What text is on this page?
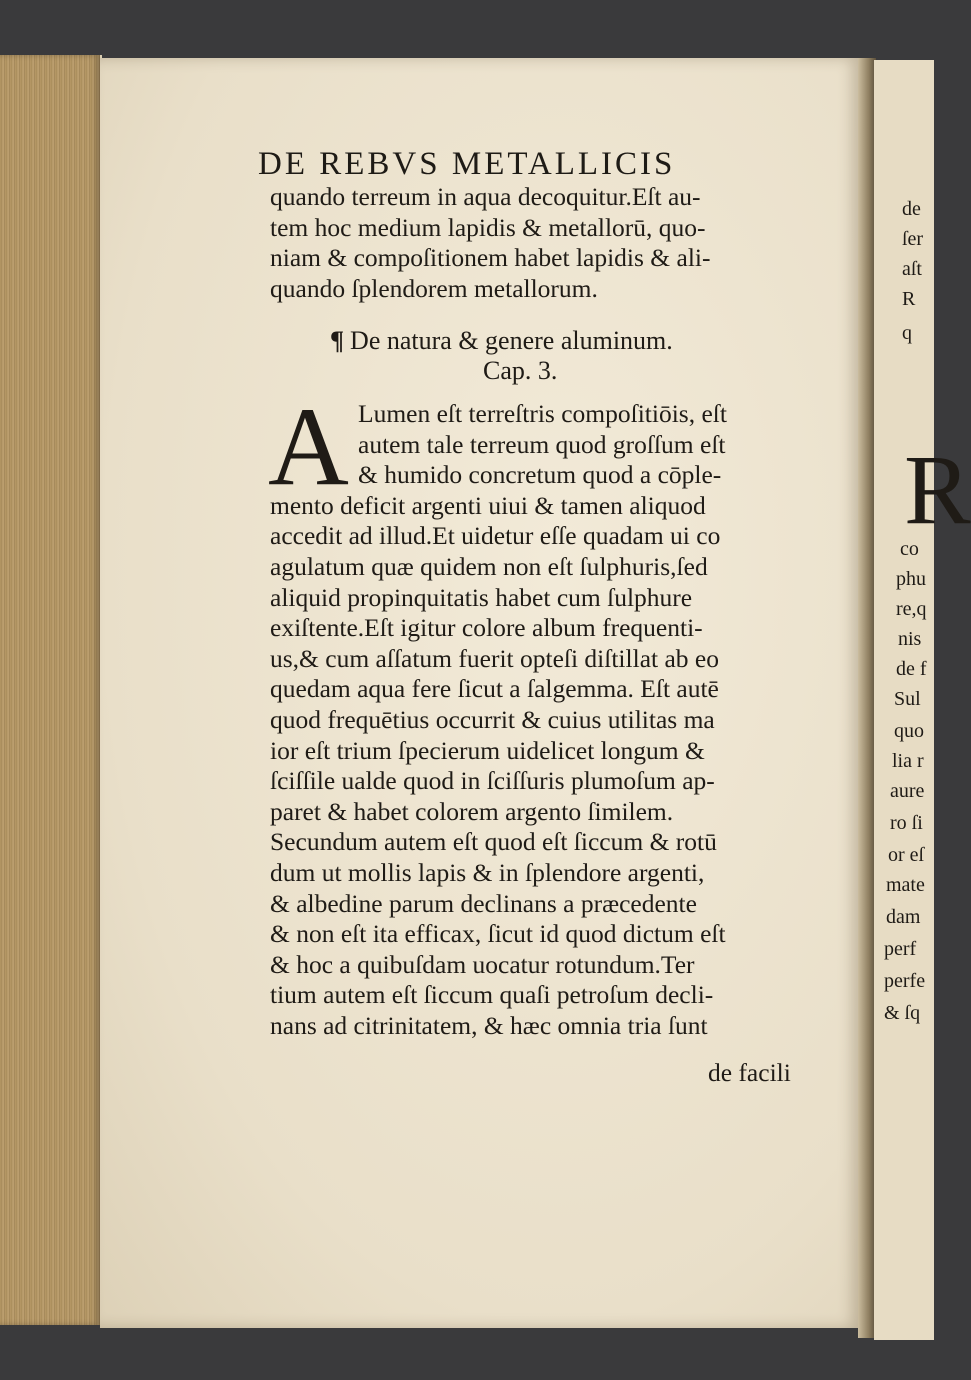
de
ſer
aſt
R
q
R
co
phu
re,q
nis
de f
Sul
quo
lia r
aure
ro ſi
or eſ
mate
dam
perf
perfe
& ſq
DE REBVS METALLICIS
quando terreum in aqua decoquitur.Eſt au-
tem hoc medium lapidis & metallorū, quo-
niam & compoſitionem habet lapidis & ali-
quando ſplendorem metallorum.
¶ De natura & genere aluminum.
Cap. 3.
A Lumen eſt terreſtris compoſitiōis, eſt
autem tale terreum quod groſſum eſt
& humido concretum quod a cōple-
mento deficit argenti uiui & tamen aliquod
accedit ad illud.Et uidetur eſſe quadam ui co
agulatum quæ quidem non eſt ſulphuris,ſed
aliquid propinquitatis habet cum ſulphure
exiſtente.Eſt igitur colore album frequenti-
us,& cum aſſatum fuerit opteſi diſtillat ab eo
quedam aqua fere ſicut a ſalgemma. Eſt autē
quod frequētius occurrit & cuius utilitas ma
ior eſt trium ſpecierum uidelicet longum &
ſciſſile ualde quod in ſciſſuris plumoſum ap-
paret & habet colorem argento ſimilem.
Secundum autem eſt quod eſt ſiccum & rotū
dum ut mollis lapis & in ſplendore argenti,
& albedine parum declinans a præcedente
& non eſt ita efficax, ſicut id quod dictum eſt
& hoc a quibuſdam uocatur rotundum.Ter
tium autem eſt ſiccum quaſi petroſum decli-
nans ad citrinitatem, & hæc omnia tria ſunt
de facili
